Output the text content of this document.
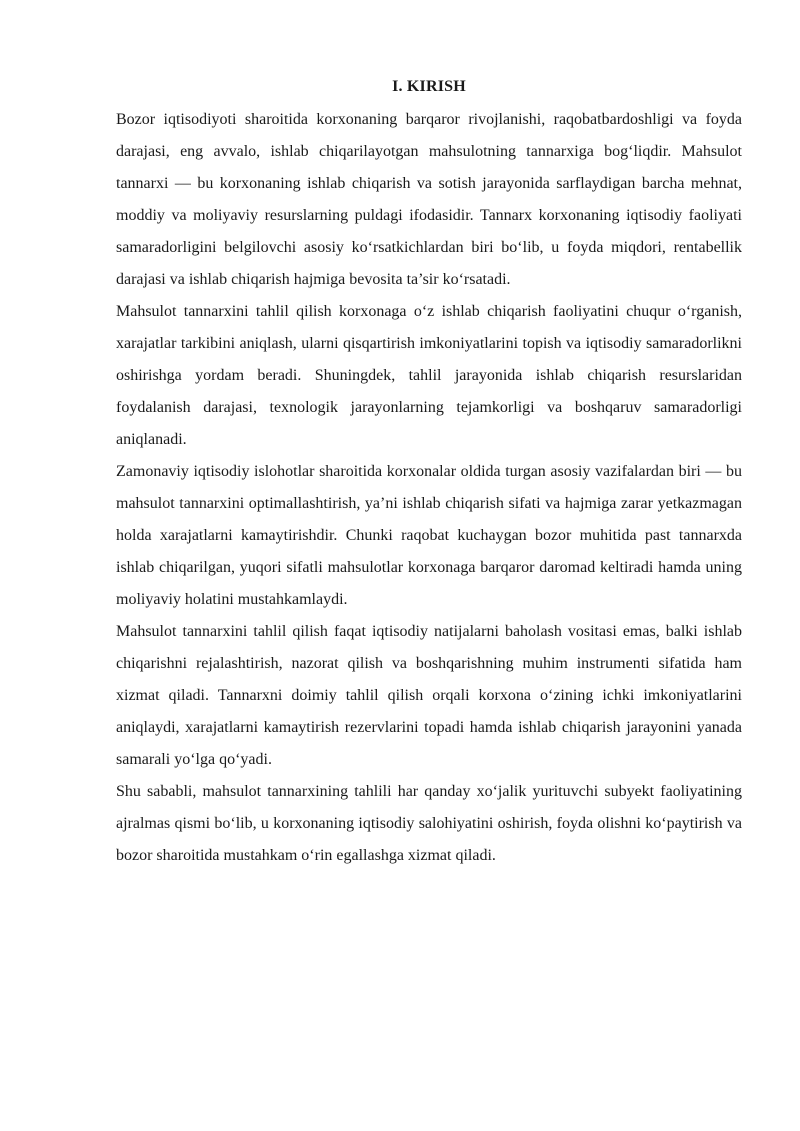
I. KIRISH

Bozor iqtisodiyoti sharoitida korxonaning barqaror rivojlanishi, raqobatbardoshligi va foyda darajasi, eng avvalo, ishlab chiqarilayotgan mahsulotning tannarxiga bog‘liqdir. Mahsulot tannarxi — bu korxonaning ishlab chiqarish va sotish jarayonida sarflaydigan barcha mehnat, moddiy va moliyaviy resurslarning puldagi ifodasidir. Tannarx korxonaning iqtisodiy faoliyati samaradorligini belgilovchi asosiy ko‘rsatkichlardan biri bo‘lib, u foyda miqdori, rentabellik darajasi va ishlab chiqarish hajmiga bevosita ta’sir ko‘rsatadi.

Mahsulot tannarxini tahlil qilish korxonaga o‘z ishlab chiqarish faoliyatini chuqur o‘rganish, xarajatlar tarkibini aniqlash, ularni qisqartirish imkoniyatlarini topish va iqtisodiy samaradorlikni oshirishga yordam beradi. Shuningdek, tahlil jarayonida ishlab chiqarish resurslaridan foydalanish darajasi, texnologik jarayonlarning tejamkorligi va boshqaruv samaradorligi aniqlanadi.

Zamonaviy iqtisodiy islohotlar sharoitida korxonalar oldida turgan asosiy vazifalardan biri — bu mahsulot tannarxini optimallashtirish, ya’ni ishlab chiqarish sifati va hajmiga zarar yetkazmagan holda xarajatlarni kamaytirishdir. Chunki raqobat kuchaygan bozor muhitida past tannarxda ishlab chiqarilgan, yuqori sifatli mahsulotlar korxonaga barqaror daromad keltiradi hamda uning moliyaviy holatini mustahkamlaydi.

Mahsulot tannarxini tahlil qilish faqat iqtisodiy natijalarni baholash vositasi emas, balki ishlab chiqarishni rejalashtirish, nazorat qilish va boshqarishning muhim instrumenti sifatida ham xizmat qiladi. Tannarxni doimiy tahlil qilish orqali korxona o‘zining ichki imkoniyatlarini aniqlaydi, xarajatlarni kamaytirish rezervlarini topadi hamda ishlab chiqarish jarayonini yanada samarali yo‘lga qo‘yadi.

Shu sababli, mahsulot tannarxining tahlili har qanday xo‘jalik yurituvchi subyekt faoliyatining ajralmas qismi bo‘lib, u korxonaning iqtisodiy salohiyatini oshirish, foyda olishni ko‘paytirish va bozor sharoitida mustahkam o‘rin egallashga xizmat qiladi.
